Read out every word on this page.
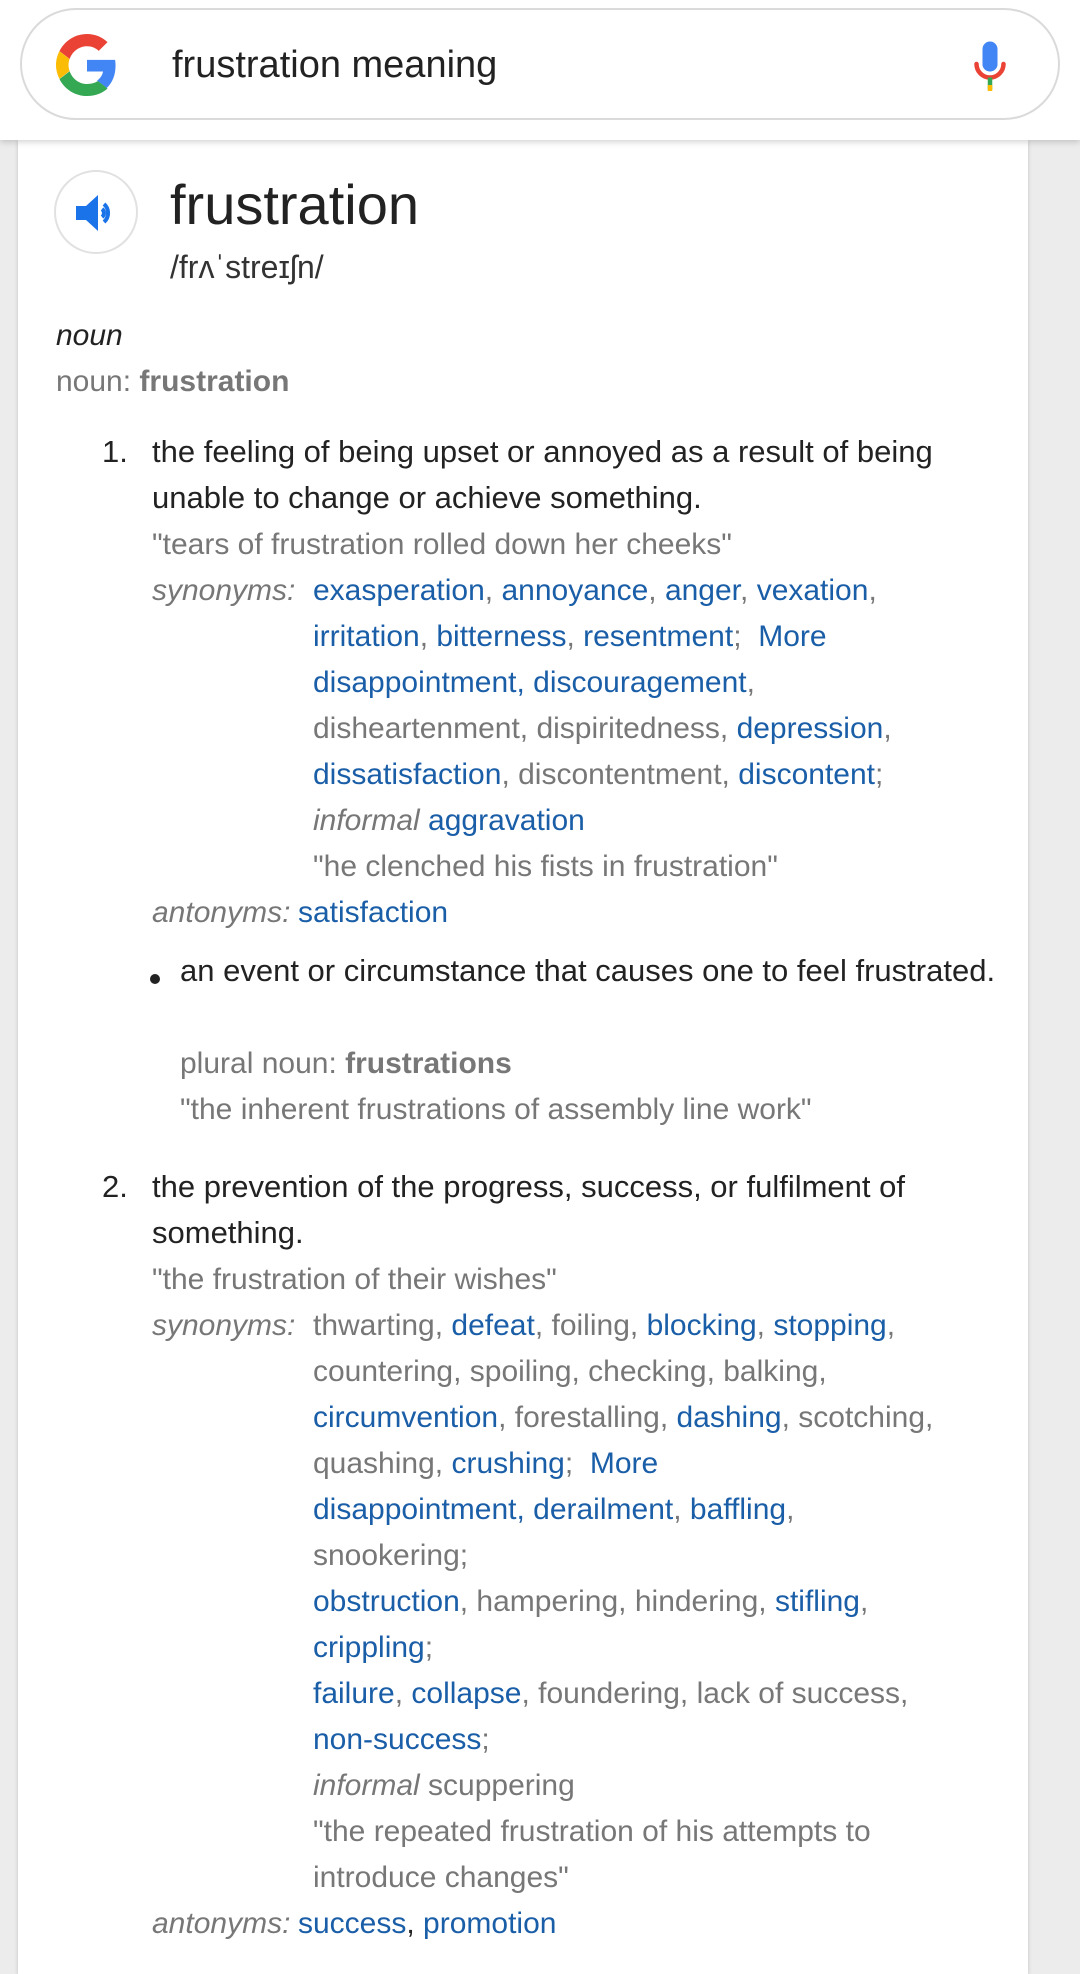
frustration meaning
frustration
/frʌˈstreɪʃn/
noun
noun: frustration
1. the feeling of being upset or annoyed as a result of being unable to change or achieve something.
"tears of frustration rolled down her cheeks"
synonyms: exasperation, annoyance, anger, vexation,
irritation, bitterness, resentment;  More
disappointment, discouragement,
disheartenment, dispiritedness, depression,
dissatisfaction, discontentment, discontent;
informal aggravation
"he clenched his fists in frustration"
antonyms: satisfaction
an event or circumstance that causes one to feel frustrated.
plural noun: frustrations
"the inherent frustrations of assembly line work"
2. the prevention of the progress, success, or fulfilment of something.
"the frustration of their wishes"
synonyms: thwarting, defeat, foiling, blocking, stopping,
countering, spoiling, checking, balking,
circumvention, forestalling, dashing, scotching,
quashing, crushing;  More
disappointment, derailment, baffling,
snookering;
obstruction, hampering, hindering, stifling,
crippling;
failure, collapse, foundering, lack of success,
non-success;
informal scuppering
"the repeated frustration of his attempts to
introduce changes"
antonyms: success, promotion
